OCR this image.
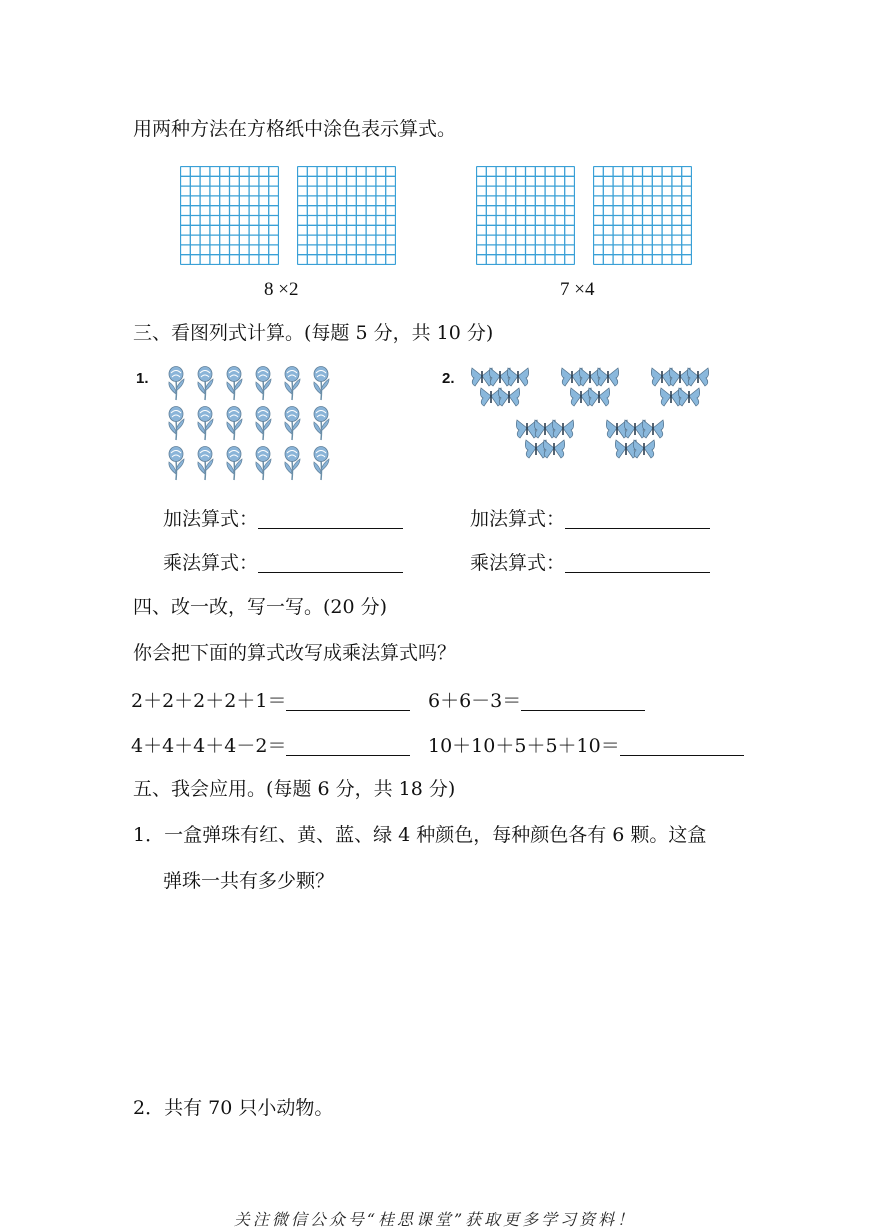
用两种方法在方格纸中涂色表示算式。
8 ×2	7 ×4
三、看图列式计算。(每题 5 分，共 10 分)
1.	2.
加法算式：	加法算式：
乘法算式：	乘法算式：
四、改一改，写一写。(20 分)
你会把下面的算式改写成乘法算式吗？
2＋2＋2＋2＋1＝	6＋6－3＝
4＋4＋4＋4－2＝	10＋10＋5＋5＋10＝
五、我会应用。(每题 6 分，共 18 分)
1．一盒弹珠有红、黄、蓝、绿 4 种颜色，每种颜色各有 6 颗。这盒
弹珠一共有多少颗？
2．共有 70 只小动物。
关注微信公众号“桂思课堂”获取更多学习资料！
